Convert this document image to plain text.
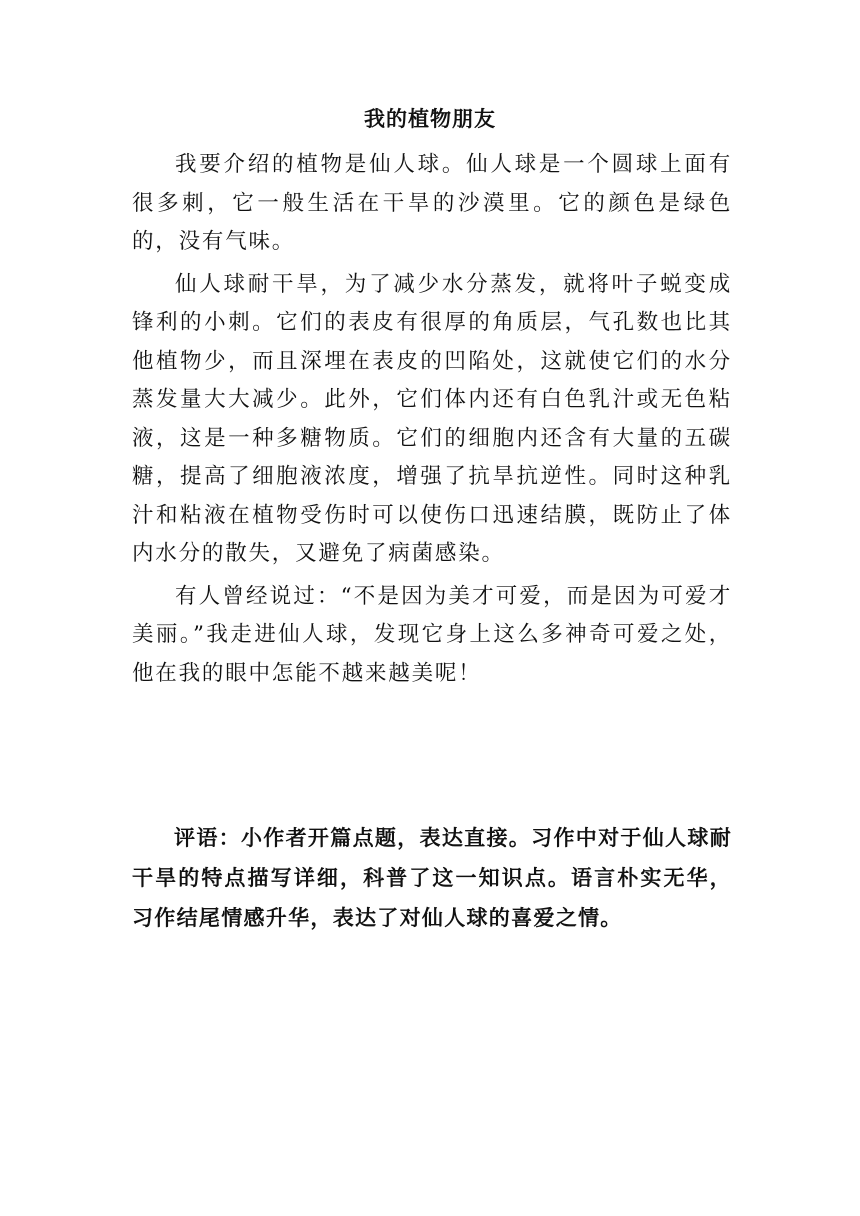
我的植物朋友

我要介绍的植物是仙人球。仙人球是一个圆球上面有很多刺，它一般生活在干旱的沙漠里。它的颜色是绿色的，没有气味。

仙人球耐干旱，为了减少水分蒸发，就将叶子蜕变成锋利的小刺。它们的表皮有很厚的角质层，气孔数也比其他植物少，而且深埋在表皮的凹陷处，这就使它们的水分蒸发量大大减少。此外，它们体内还有白色乳汁或无色粘液，这是一种多糖物质。它们的细胞内还含有大量的五碳糖，提高了细胞液浓度，增强了抗旱抗逆性。同时这种乳汁和粘液在植物受伤时可以使伤口迅速结膜，既防止了体内水分的散失，又避免了病菌感染。

有人曾经说过：“不是因为美才可爱，而是因为可爱才美丽。”我走进仙人球，发现它身上这么多神奇可爱之处，他在我的眼中怎能不越来越美呢！

评语：小作者开篇点题，表达直接。习作中对于仙人球耐干旱的特点描写详细，科普了这一知识点。语言朴实无华，习作结尾情感升华，表达了对仙人球的喜爱之情。
